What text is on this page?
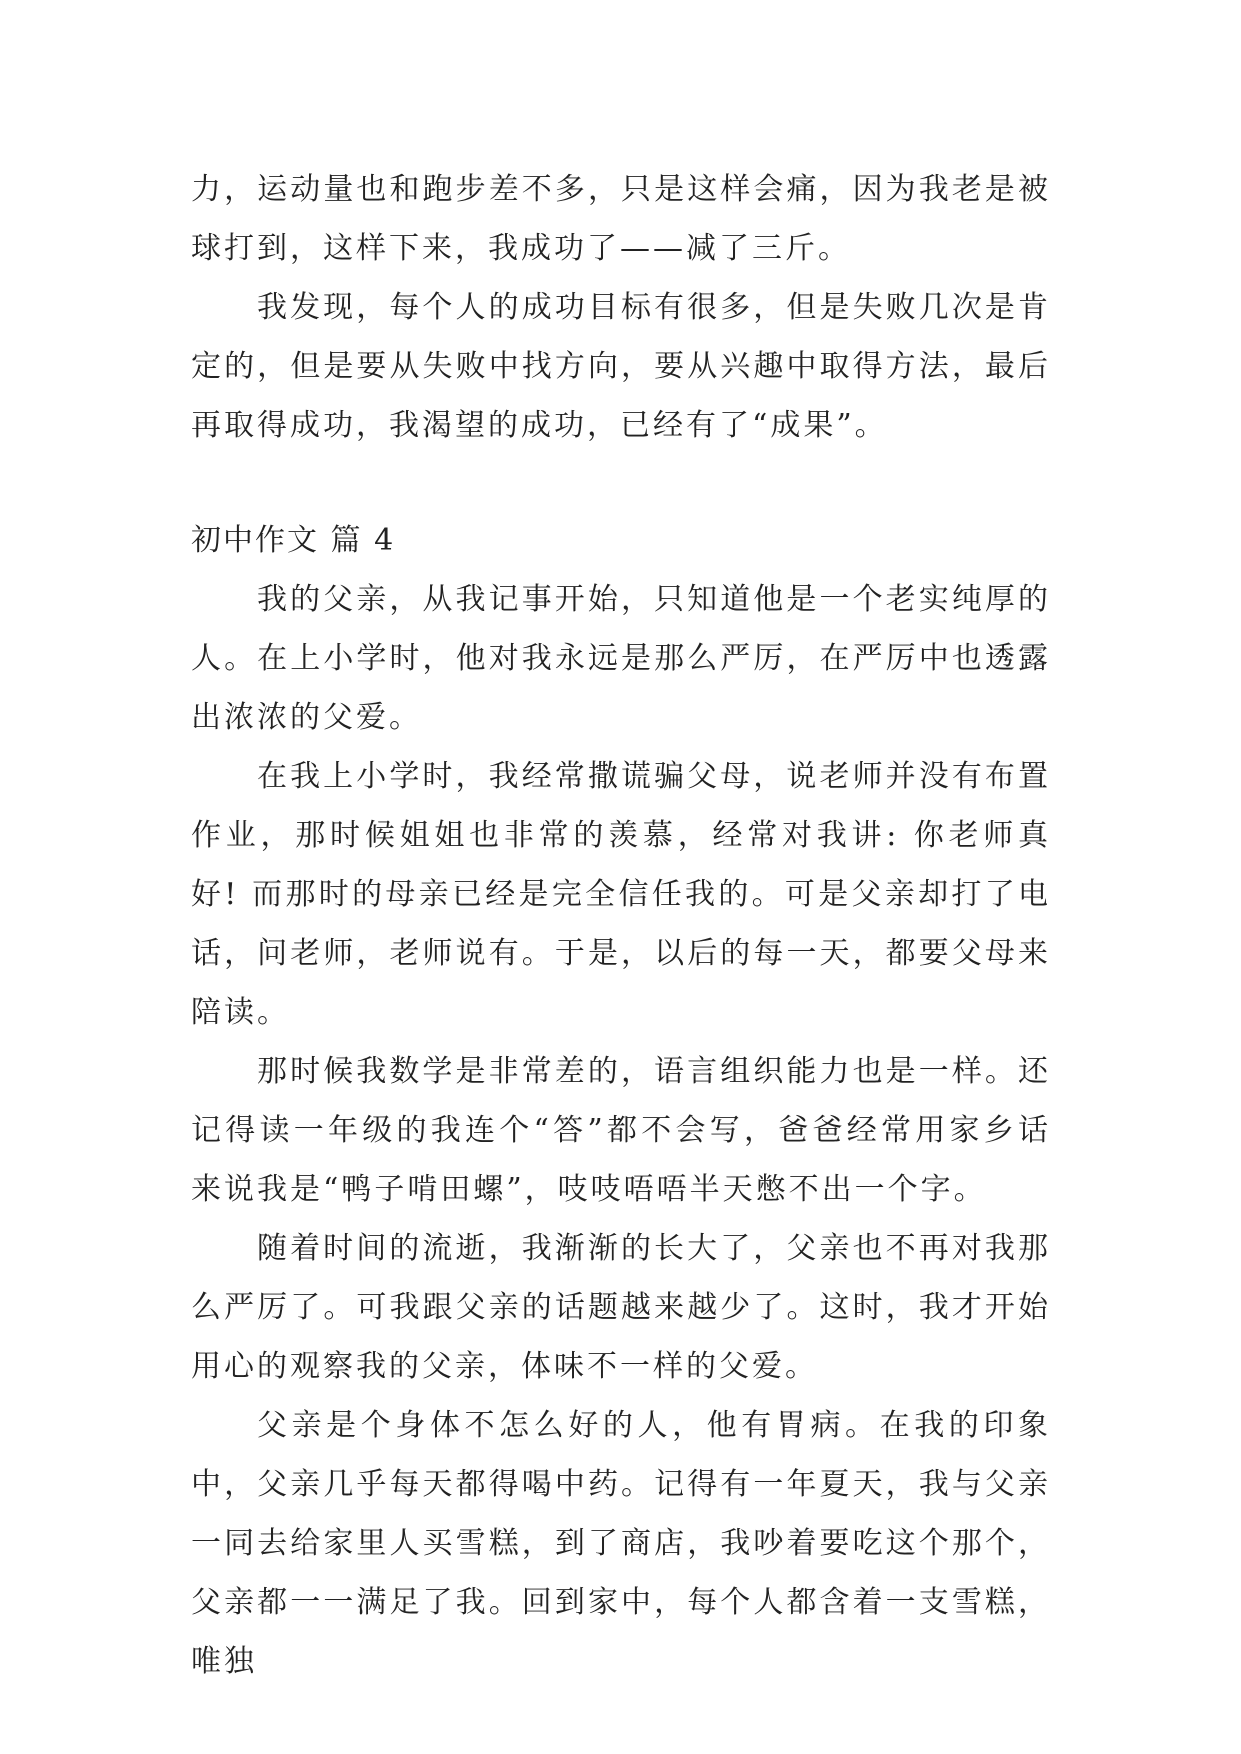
力，运动量也和跑步差不多，只是这样会痛，因为我老是被球打到，这样下来，我成功了——减了三斤。

我发现，每个人的成功目标有很多，但是失败几次是肯定的，但是要从失败中找方向，要从兴趣中取得方法，最后再取得成功，我渴望的成功，已经有了“成果”。

初中作文 篇 4

我的父亲，从我记事开始，只知道他是一个老实纯厚的人。在上小学时，他对我永远是那么严厉，在严厉中也透露出浓浓的父爱。

在我上小学时，我经常撒谎骗父母，说老师并没有布置作业，那时候姐姐也非常的羡慕，经常对我讲: 你老师真好! 而那时的母亲已经是完全信任我的。可是父亲却打了电话，问老师，老师说有。于是，以后的每一天，都要父母来陪读。

那时候我数学是非常差的，语言组织能力也是一样。还记得读一年级的我连个“答”都不会写，爸爸经常用家乡话来说我是“鸭子啃田螺”，吱吱唔唔半天憋不出一个字。

随着时间的流逝，我渐渐的长大了，父亲也不再对我那么严厉了。可我跟父亲的话题越来越少了。这时，我才开始用心的观察我的父亲，体味不一样的父爱。

父亲是个身体不怎么好的人，他有胃病。在我的印象中，父亲几乎每天都得喝中药。记得有一年夏天，我与父亲一同去给家里人买雪糕，到了商店，我吵着要吃这个那个，父亲都一一满足了我。回到家中，每个人都含着一支雪糕，唯独
